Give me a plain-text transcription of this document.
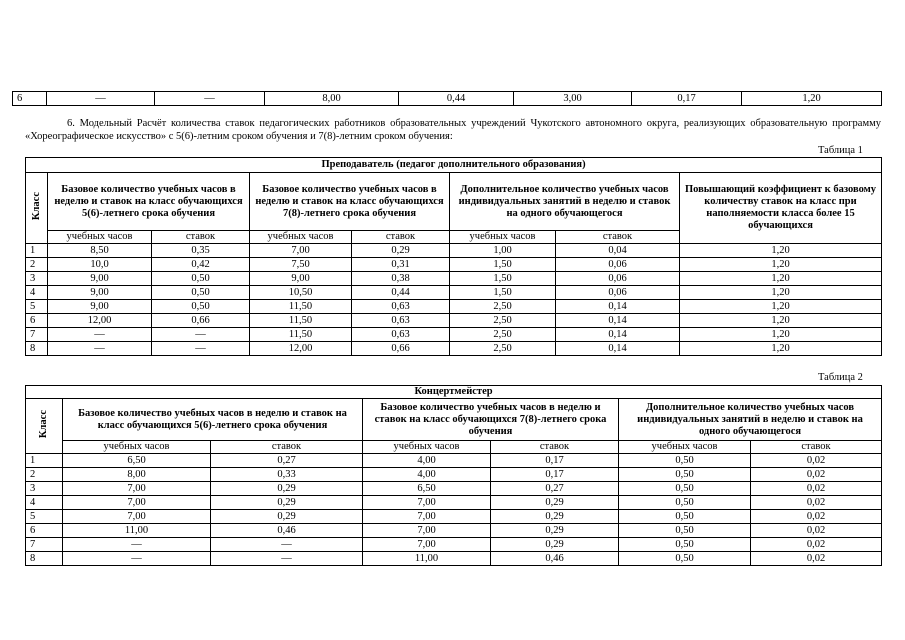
6	—	—	8,00	0,44	3,00	0,17	1,20
6. Модельный Расчёт количества ставок педагогических работников образовательных учреждений Чукотского автономного округа, реализующих образовательную программу «Хореографическое искусство» с 5(6)-летним сроком обучения и 7(8)-летним сроком обучения:
Таблица 1
Преподаватель (педагог дополнительного образования)							
Класс	Базовое количество учебных часов в неделю и ставок на класс обучающихся 5(6)-летнего срока обучения		Базовое количество учебных часов в неделю и ставок на класс обучающихся 7(8)-летнего срока обучения		Дополнительное количество учебных часов индивидуальных занятий в неделю и ставок на одного обучающегося		Повышающий коэффициент к базовому количеству ставок на класс при наполняемости класса более 15 обучающихся
	учебных часов	ставок	учебных часов	ставок	учебных часов	ставок	
1	8,50	0,35	7,00	0,29	1,00	0,04	1,20
2	10,0	0,42	7,50	0,31	1,50	0,06	1,20
3	9,00	0,50	9,00	0,38	1,50	0,06	1,20
4	9,00	0,50	10,50	0,44	1,50	0,06	1,20
5	9,00	0,50	11,50	0,63	2,50	0,14	1,20
6	12,00	0,66	11,50	0,63	2,50	0,14	1,20
7	—	—	11,50	0,63	2,50	0,14	1,20
8	—	—	12,00	0,66	2,50	0,14	1,20
Таблица 2
Концертмейстер						
Класс	Базовое количество учебных часов в неделю и ставок на класс обучающихся 5(6)-летнего срока обучения		Базовое количество учебных часов в неделю и ставок на класс обучающихся 7(8)-летнего срока обучения		Дополнительное количество учебных часов индивидуальных занятий в неделю и ставок на одного обучающегося	
	учебных часов	ставок	учебных часов	ставок	учебных часов	ставок
1	6,50	0,27	4,00	0,17	0,50	0,02
2	8,00	0,33	4,00	0,17	0,50	0,02
3	7,00	0,29	6,50	0,27	0,50	0,02
4	7,00	0,29	7,00	0,29	0,50	0,02
5	7,00	0,29	7,00	0,29	0,50	0,02
6	11,00	0,46	7,00	0,29	0,50	0,02
7	—	—	7,00	0,29	0,50	0,02
8	—	—	11,00	0,46	0,50	0,02
